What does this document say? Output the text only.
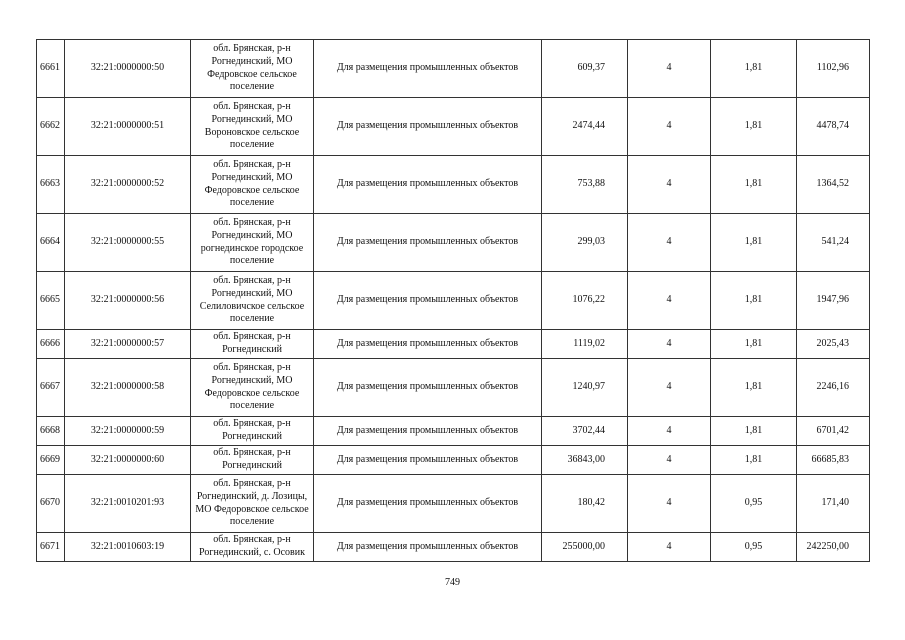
6661	32:21:0000000:50	обл. Брянская, р-н Рогнединский, МО Федровское сельское поселение	Для размещения промышленных объектов	609,37	4	1,81	1102,96
6662	32:21:0000000:51	обл. Брянская, р-н Рогнединский, МО Вороновское сельское поселение	Для размещения промышленных объектов	2474,44	4	1,81	4478,74
6663	32:21:0000000:52	обл. Брянская, р-н Рогнединский, МО Федоровское сельское поселение	Для размещения промышленных объектов	753,88	4	1,81	1364,52
6664	32:21:0000000:55	обл. Брянская, р-н Рогнединский, МО рогнединское городское поселение	Для размещения промышленных объектов	299,03	4	1,81	541,24
6665	32:21:0000000:56	обл. Брянская, р-н Рогнединский, МО Селиловичское сельское поселение	Для размещения промышленных объектов	1076,22	4	1,81	1947,96
6666	32:21:0000000:57	обл. Брянская, р-н Рогнединский	Для размещения промышленных объектов	1119,02	4	1,81	2025,43
6667	32:21:0000000:58	обл. Брянская, р-н Рогнединский, МО Федоровское сельское поселение	Для размещения промышленных объектов	1240,97	4	1,81	2246,16
6668	32:21:0000000:59	обл. Брянская, р-н Рогнединский	Для размещения промышленных объектов	3702,44	4	1,81	6701,42
6669	32:21:0000000:60	обл. Брянская, р-н Рогнединский	Для размещения промышленных объектов	36843,00	4	1,81	66685,83
6670	32:21:0010201:93	обл. Брянская, р-н Рогнединский, д. Лозицы, МО Федоровское сельское поселение	Для размещения промышленных объектов	180,42	4	0,95	171,40
6671	32:21:0010603:19	обл. Брянская, р-н Рогнединский, с. Осовик	Для размещения промышленных объектов	255000,00	4	0,95	242250,00
749
